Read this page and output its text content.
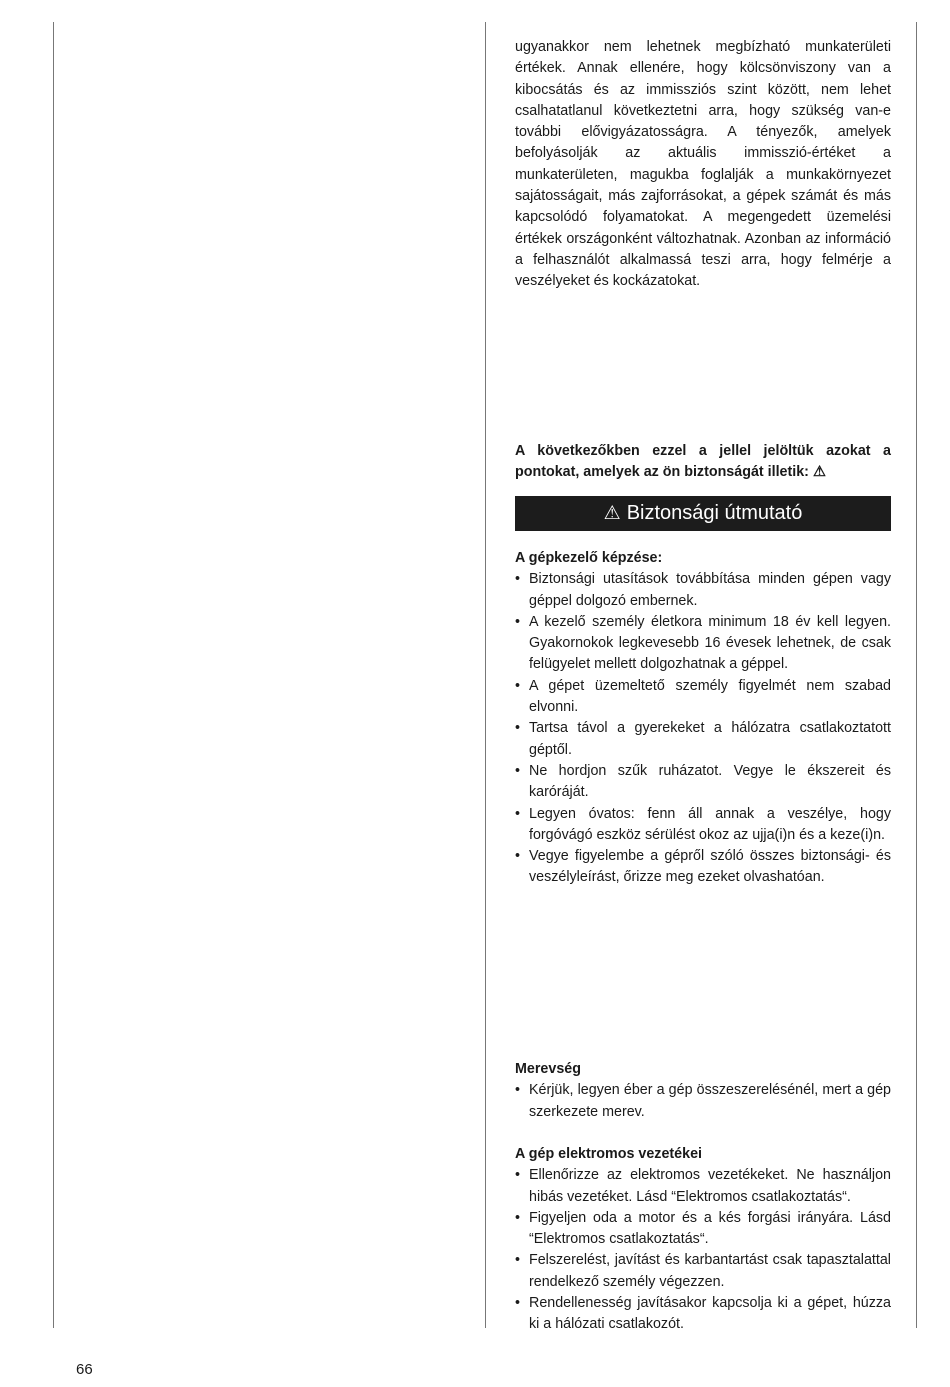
ugyanakkor nem lehetnek megbízható munkaterületi értékek. Annak ellenére, hogy kölcsönviszony van a kibocsátás és az immissziós szint között, nem lehet csalhatatlanul következtetni arra, hogy szükség van-e további elővigyázatosságra. A tényezők, amelyek befolyásolják az aktuális immisszió-értéket a munkaterületen, magukba foglalják a munkakörnyezet sajátosságait, más zajforrásokat, a gépek számát és más kapcsolódó folyamatokat. A megengedett üzemelési értékek országonként változhatnak. Azonban az információ a felhasználót alkalmassá teszi arra, hogy felmérje a veszélyeket és kockázatokat.

A következőkben ezzel a jellel jelöltük azokat a pontokat, amelyek az ön biztonságát illetik: ⚠

⚠ Biztonsági útmutató

A gépkezelő képzése:

• Biztonsági utasítások továbbítása minden gépen vagy géppel dolgozó embernek.
• A kezelő személy életkora minimum 18 év kell legyen. Gyakornokok legkevesebb 16 évesek lehetnek, de csak felügyelet mellett dolgozhatnak a géppel.
• A gépet üzemeltető személy figyelmét nem szabad elvonni.
• Tartsa távol a gyerekeket a hálózatra csatlakoztatott géptől.
• Ne hordjon szűk ruházatot. Vegye le ékszereit és karóráját.
• Legyen óvatos: fenn áll annak a veszélye, hogy forgóvágó eszköz sérülést okoz az ujja(i)n és a keze(i)n.
• Vegye figyelembe a gépről szóló összes biztonsági- és veszélyleírást, őrizze meg ezeket olvashatóan.

Merevség

• Kérjük, legyen éber a gép összeszerelésénél, mert a gép szerkezete merev.

A gép elektromos vezetékei

• Ellenőrizze az elektromos vezetékeket. Ne használjon hibás vezetéket. Lásd “Elektromos csatlakoztatás“.
• Figyeljen oda a motor és a kés forgási irányára. Lásd “Elektromos csatlakoztatás“.
• Felszerelést, javítást és karbantartást csak tapasztalattal rendelkező személy végezzen.
• Rendellenesség javításakor kapcsolja ki a gépet, húzza ki a hálózati csatlakozót.
66
